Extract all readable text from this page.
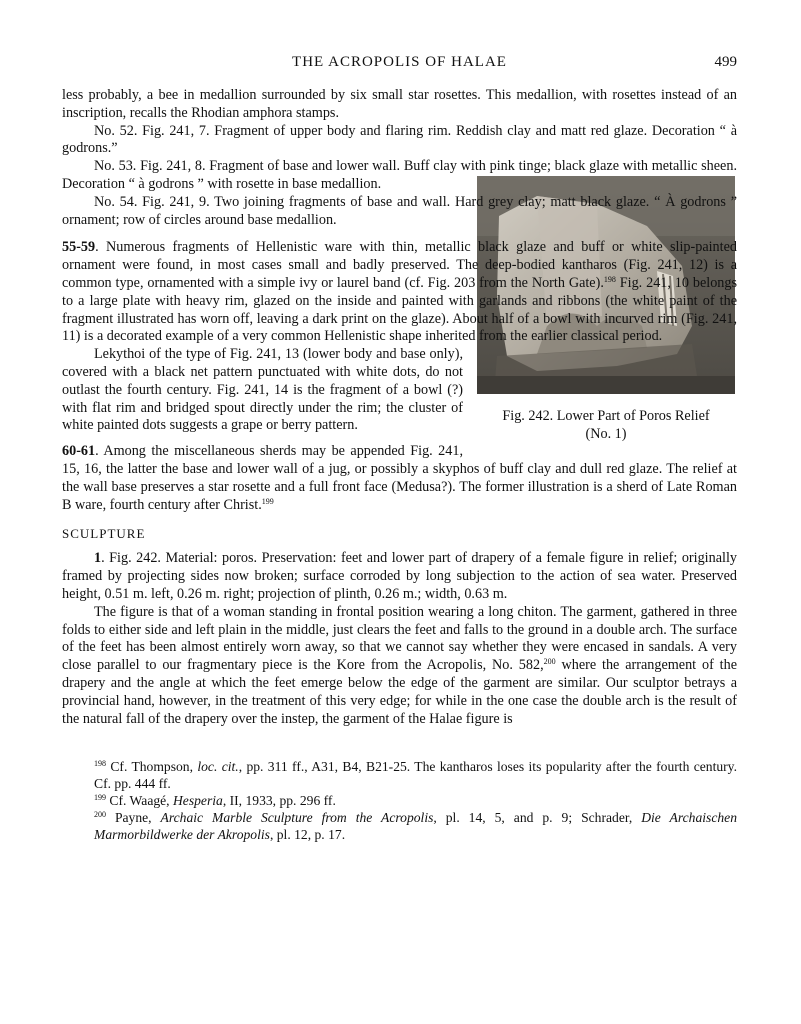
THE ACROPOLIS OF HALAE	499

less probably, a bee in medallion surrounded by six small star rosettes. This medallion, with rosettes instead of an inscription, recalls the Rhodian amphora stamps.

No. 52. Fig. 241, 7. Fragment of upper body and flaring rim. Reddish clay and matt red glaze. Decoration “ à godrons.”

No. 53. Fig. 241, 8. Fragment of base and lower wall. Buff clay with pink tinge; black glaze with metallic sheen. Decoration “ à godrons ” with rosette in base medallion.

No. 54. Fig. 241, 9. Two joining fragments of base and wall. Hard grey clay; matt black glaze. “ À godrons ” ornament; row of circles around base medallion.

55-59. Numerous fragments of Hellenistic ware with thin, metallic black glaze and buff or white slip-painted ornament were found, in most cases small and badly preserved. The deep-bodied kantharos (Fig. 241, 12) is a common type, ornamented with a simple ivy or laurel band (cf. Fig. 203 from the North Gate).$^{198}$ Fig. 241, 10 belongs to a large plate with heavy rim, glazed on the inside and painted with garlands and ribbons (the white paint of the fragment illustrated has worn off, leaving a dark print on the glaze). About half of a bowl with incurved rim (Fig. 241, 11) is a decorated example of a very common Hellenistic shape inherited from the earlier classical period.

Fig. 242. Lower Part of Poros Relief
(No. 1)

Lekythoi of the type of Fig. 241, 13 (lower body and base only), covered with a black net pattern punctuated with white dots, do not outlast the fourth century. Fig. 241, 14 is the fragment of a bowl (?) with flat rim and bridged spout directly under the rim; the cluster of white painted dots suggests a grape or berry pattern.

60-61. Among the miscellaneous sherds may be appended Fig. 241, 15, 16, the latter the base and lower wall of a jug, or possibly a skyphos of buff clay and dull red glaze. The relief at the wall base preserves a star rosette and a full front face (Medusa?). The former illustration is a sherd of Late Roman B ware, fourth century after Christ.$^{199}$

SCULPTURE

1. Fig. 242. Material: poros. Preservation: feet and lower part of drapery of a female figure in relief; originally framed by projecting sides now broken; surface corroded by long subjection to the action of sea water. Preserved height, 0.51 m. left, 0.26 m. right; projection of plinth, 0.26 m.; width, 0.63 m.

The figure is that of a woman standing in frontal position wearing a long chiton. The garment, gathered in three folds to either side and left plain in the middle, just clears the feet and falls to the ground in a double arch. The surface of the feet has been almost entirely worn away, so that we cannot say whether they were encased in sandals. A very close parallel to our fragmentary piece is the Kore from the Acropolis, No. 582,$^{200}$ where the arrangement of the drapery and the angle at which the feet emerge below the edge of the garment are similar. Our sculptor betrays a provincial hand, however, in the treatment of this very edge; for while in the one case the double arch is the result of the natural fall of the drapery over the instep, the garment of the Halae figure is

$^{198}$ Cf. Thompson, loc. cit., pp. 311 ff., A31, B4, B21-25. The kantharos loses its popularity after the fourth century. Cf. pp. 444 ff.

$^{199}$ Cf. Waagé, Hesperia, II, 1933, pp. 296 ff.

$^{200}$ Payne, Archaic Marble Sculpture from the Acropolis, pl. 14, 5, and p. 9; Schrader, Die Archaischen Marmorbildwerke der Akropolis, pl. 12, p. 17.
